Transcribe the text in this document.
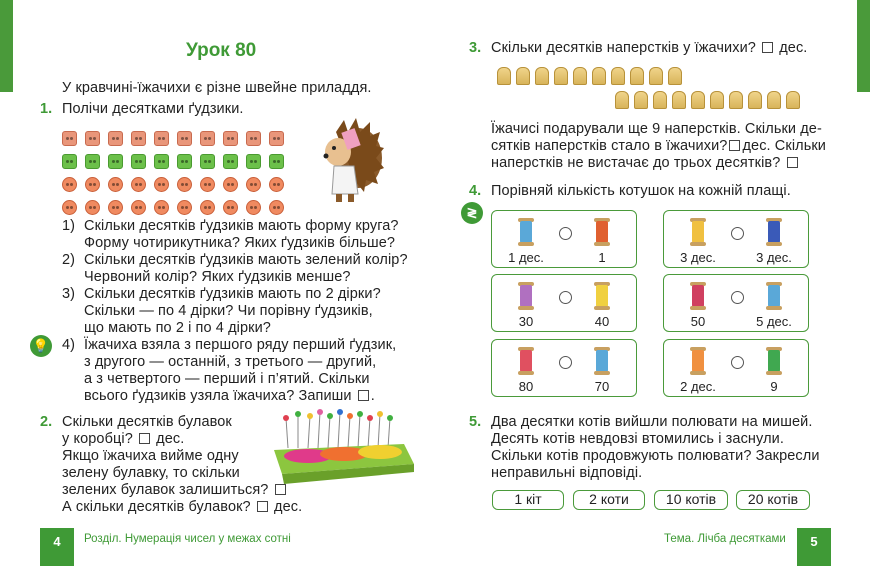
Урок 80
У кравчині-їжачихи є різне швейне приладдя.
1. Полічи десятками ґудзики.
1) Скільки десятків ґудзиків мають форму круга?
Форму чотирикутника? Яких ґудзиків більше?
2) Скільки десятків ґудзиків мають зелений колір?
Червоний колір? Яких ґудзиків менше?
3) Скільки десятків ґудзиків мають по 2 дірки?
Скільки — по 4 дірки? Чи порівну ґудзиків,
що мають по 2 і по 4 дірки?
💡 4) Їжачиха взяла з першого ряду перший ґудзик,
з другого — останній, з третього — другий,
а з четвертого — перший і п’ятий. Скільки
всього ґудзиків узяла їжачиха? Запиши .
2. Скільки десятків булавок
у коробці? дес.
Якщо їжачиха вийме одну
зелену булавку, то скільки
зелених булавок залишиться?
А скільки десятків булавок? дес.
4	Розділ. Нумерація чисел у межах сотні
3. Скільки десятків наперстків у їжачихи? дес.
Їжачисі подарували ще 9 наперстків. Скільки де-
сятків наперстків стало в їжачихи? дес. Скільки
наперстків не вистачає до трьох десятків?
4. Порівняй кількість котушок на кожній плащі.
≷
1 дес.	1	3 дес.	3 дес.
30	40	50	5 дес.
80	70	2 дес.	9
5. Два десятки котів вийшли полювати на мишей.
Десять котів невдовзі втомились і заснули.
Скільки котів продовжують полювати? Закресли
неправильні відповіді.
1 кіт	2 коти	10 котів	20 котів
Тема. Лічба десятками	5
